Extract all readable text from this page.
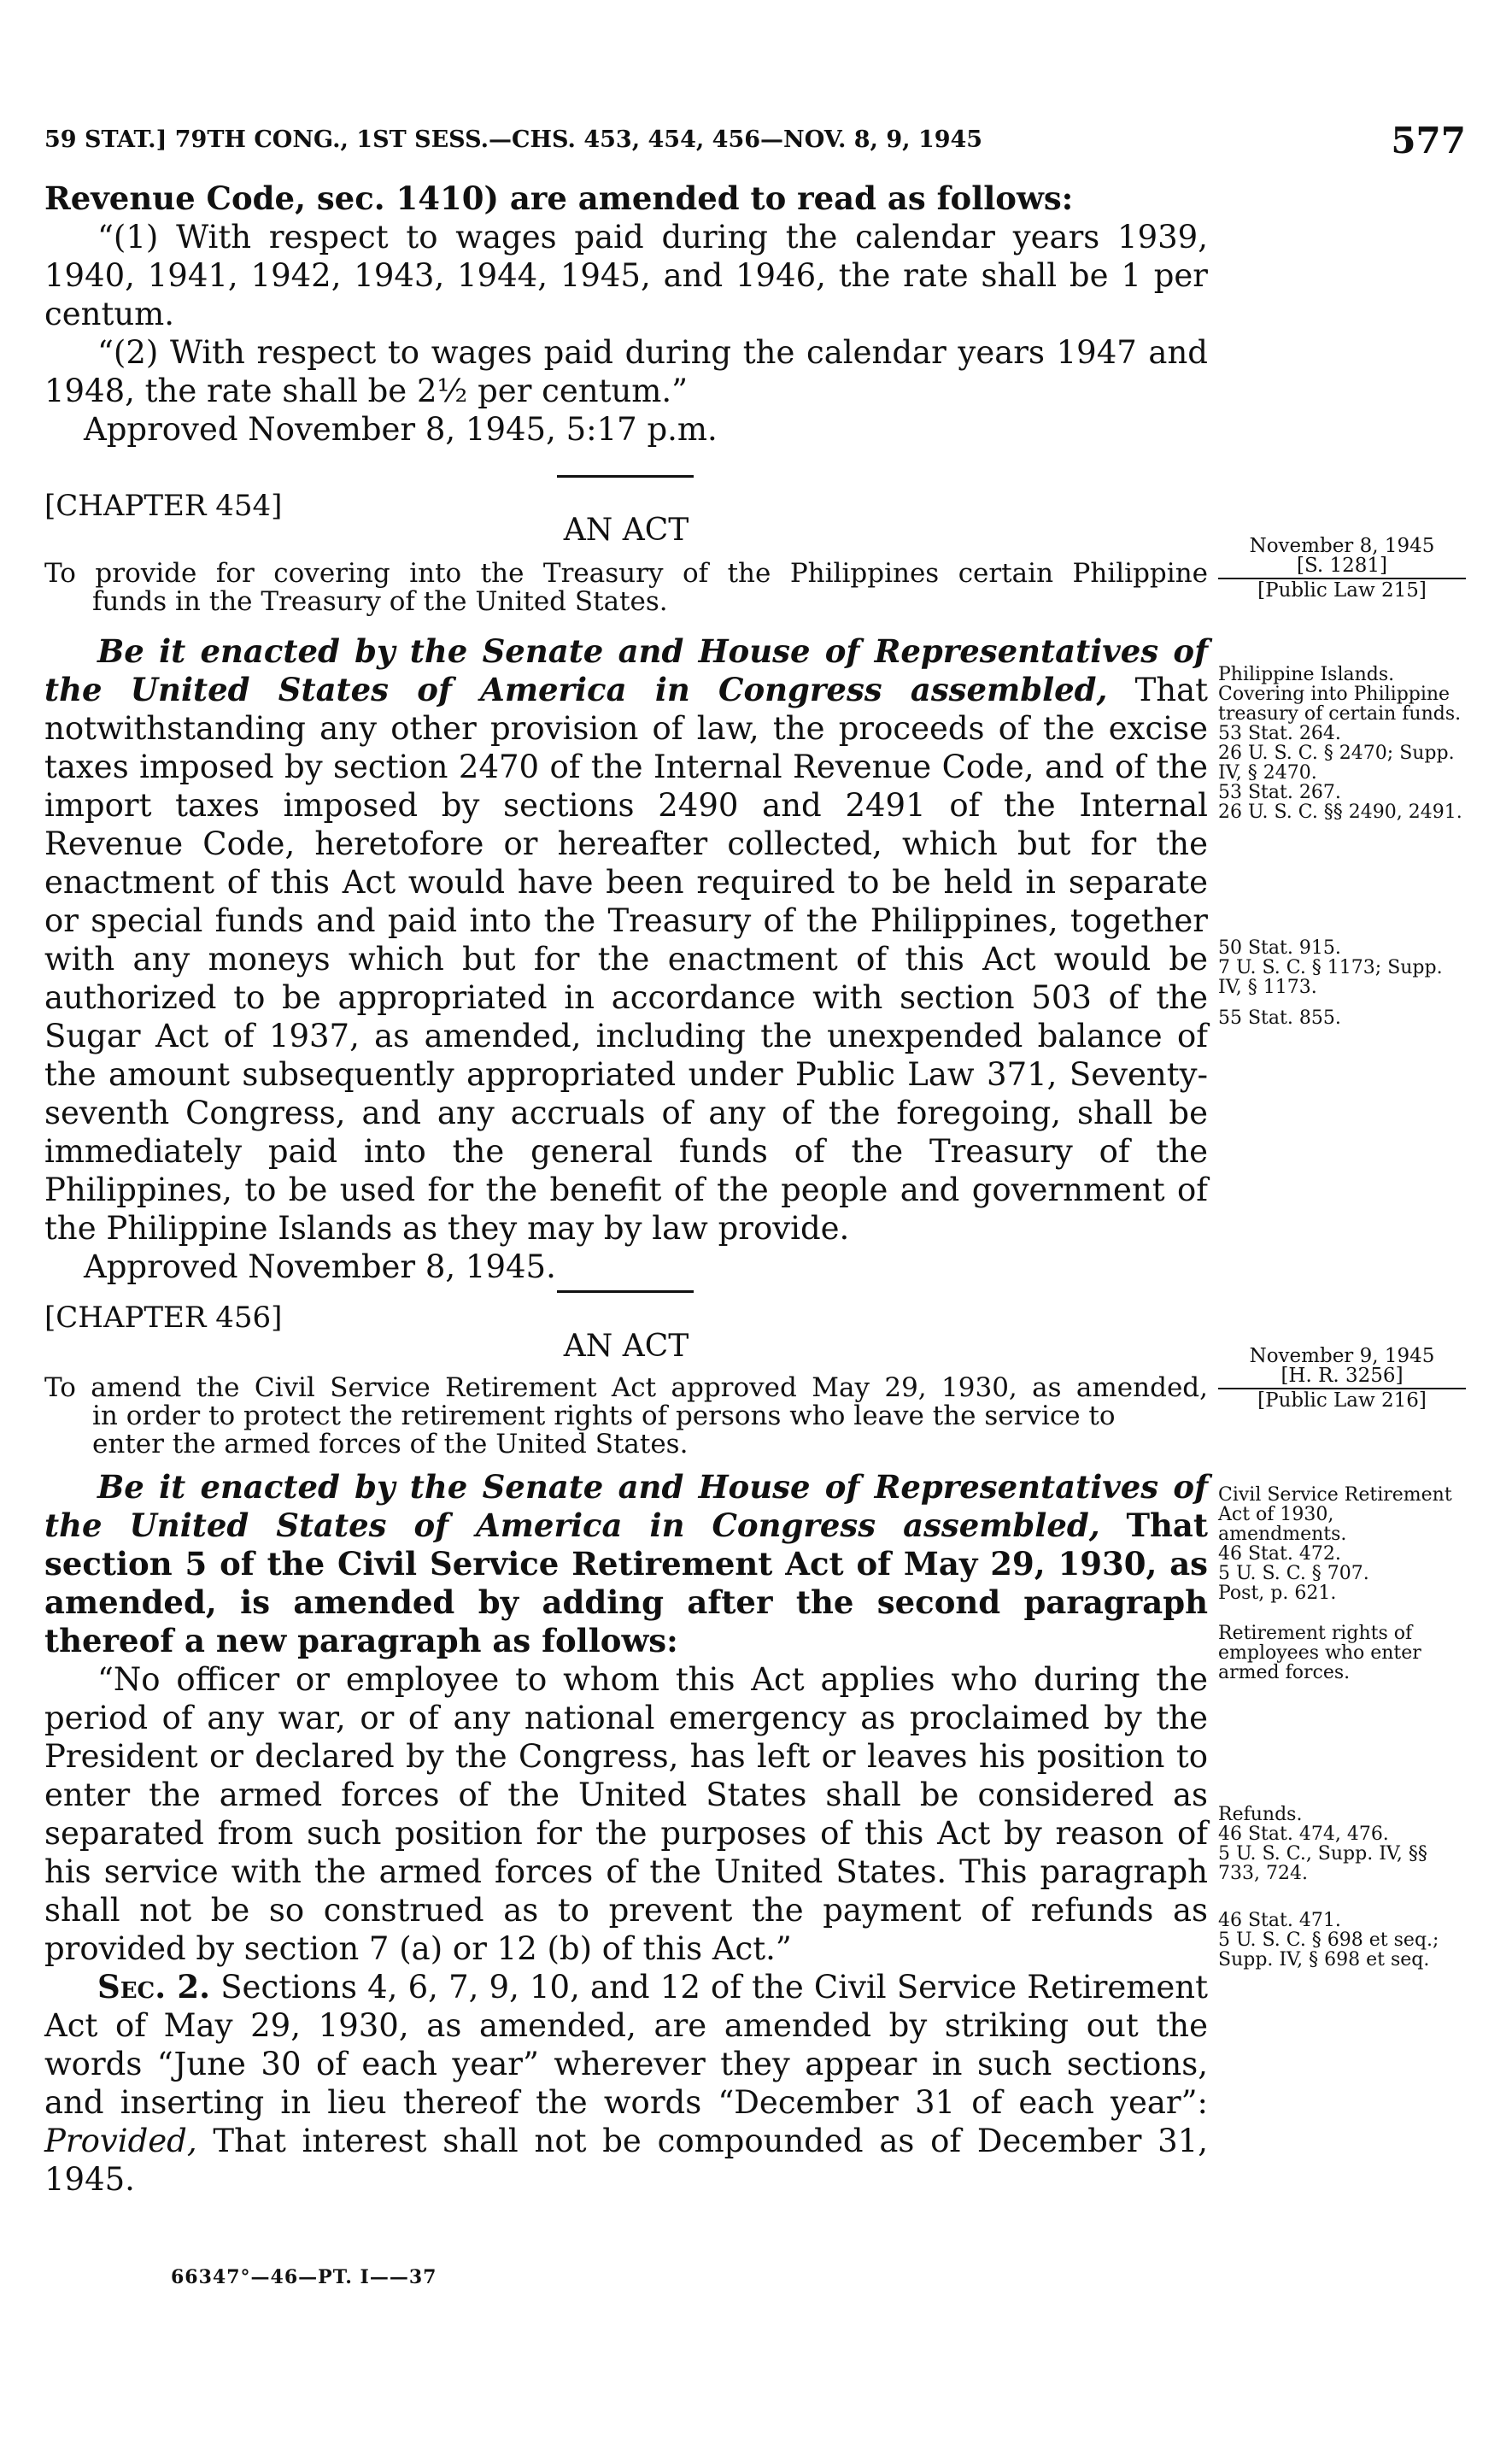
59 STAT.] 79TH CONG., 1ST SESS.—CHS. 453, 454, 456—NOV. 8, 9, 1945	577

Revenue Code, sec. 1410) are amended to read as follows:

“(1) With respect to wages paid during the calendar years 1939, 1940, 1941, 1942, 1943, 1944, 1945, and 1946, the rate shall be 1 per centum.

“(2) With respect to wages paid during the calendar years 1947 and 1948, the rate shall be 2½ per centum.”

Approved November 8, 1945, 5:17 p.m.

[CHAPTER 454]
AN ACT
To provide for covering into the Treasury of the Philippines certain Philippine
funds in the Treasury of the United States.
November 8, 1945
[S. 1281]
[Public Law 215]

Be it enacted by the Senate and House of Representatives of the United States of America in Congress assembled, That notwithstanding any other provision of law, the proceeds of the excise taxes imposed by section 2470 of the Internal Revenue Code, and of the import taxes imposed by sections 2490 and 2491 of the Internal Revenue Code, heretofore or hereafter collected, which but for the enactment of this Act would have been required to be held in separate or special funds and paid into the Treasury of the Philippines, together with any moneys which but for the enactment of this Act would be authorized to be appropriated in accordance with section 503 of the Sugar Act of 1937, as amended, including the unexpended balance of the amount subsequently appropriated under Public Law 371, Seventy-seventh Congress, and any accruals of any of the foregoing, shall be immediately paid into the general funds of the Treasury of the Philippines, to be used for the benefit of the people and government of the Philippine Islands as they may by law provide.

Approved November 8, 1945.

Philippine Islands.
Covering into Philippine treasury of certain funds.
53 Stat. 264.
26 U. S. C. § 2470; Supp. IV, § 2470.
53 Stat. 267.
26 U. S. C. §§ 2490, 2491.
50 Stat. 915.
7 U. S. C. § 1173; Supp. IV, § 1173.
55 Stat. 855.
[CHAPTER 456]
AN ACT
To amend the Civil Service Retirement Act approved May 29, 1930, as amended,
in order to protect the retirement rights of persons who leave the service to
enter the armed forces of the United States.
November 9, 1945
[H. R. 3256]
[Public Law 216]

Be it enacted by the Senate and House of Representatives of the United States of America in Congress assembled, That section 5 of the Civil Service Retirement Act of May 29, 1930, as amended, is amended by adding after the second paragraph thereof a new paragraph as follows:

“No officer or employee to whom this Act applies who during the period of any war, or of any national emergency as proclaimed by the President or declared by the Congress, has left or leaves his position to enter the armed forces of the United States shall be considered as separated from such position for the purposes of this Act by reason of his service with the armed forces of the United States. This paragraph shall not be so construed as to prevent the payment of refunds as provided by section 7 (a) or 12 (b) of this Act.”

Sec. 2. Sections 4, 6, 7, 9, 10, and 12 of the Civil Service Retirement Act of May 29, 1930, as amended, are amended by striking out the words “June 30 of each year” wherever they appear in such sections, and inserting in lieu thereof the words “December 31 of each year”: Provided, That interest shall not be compounded as of December 31, 1945.

Civil Service Retirement Act of 1930, amendments.
46 Stat. 472.
5 U. S. C. § 707.
Post, p. 621.
Retirement rights of employees who enter armed forces.
Refunds.
46 Stat. 474, 476.
5 U. S. C., Supp. IV, §§ 733, 724.
46 Stat. 471.
5 U. S. C. § 698 et seq.; Supp. IV, § 698 et seq.
66347°—46—PT. I——37
